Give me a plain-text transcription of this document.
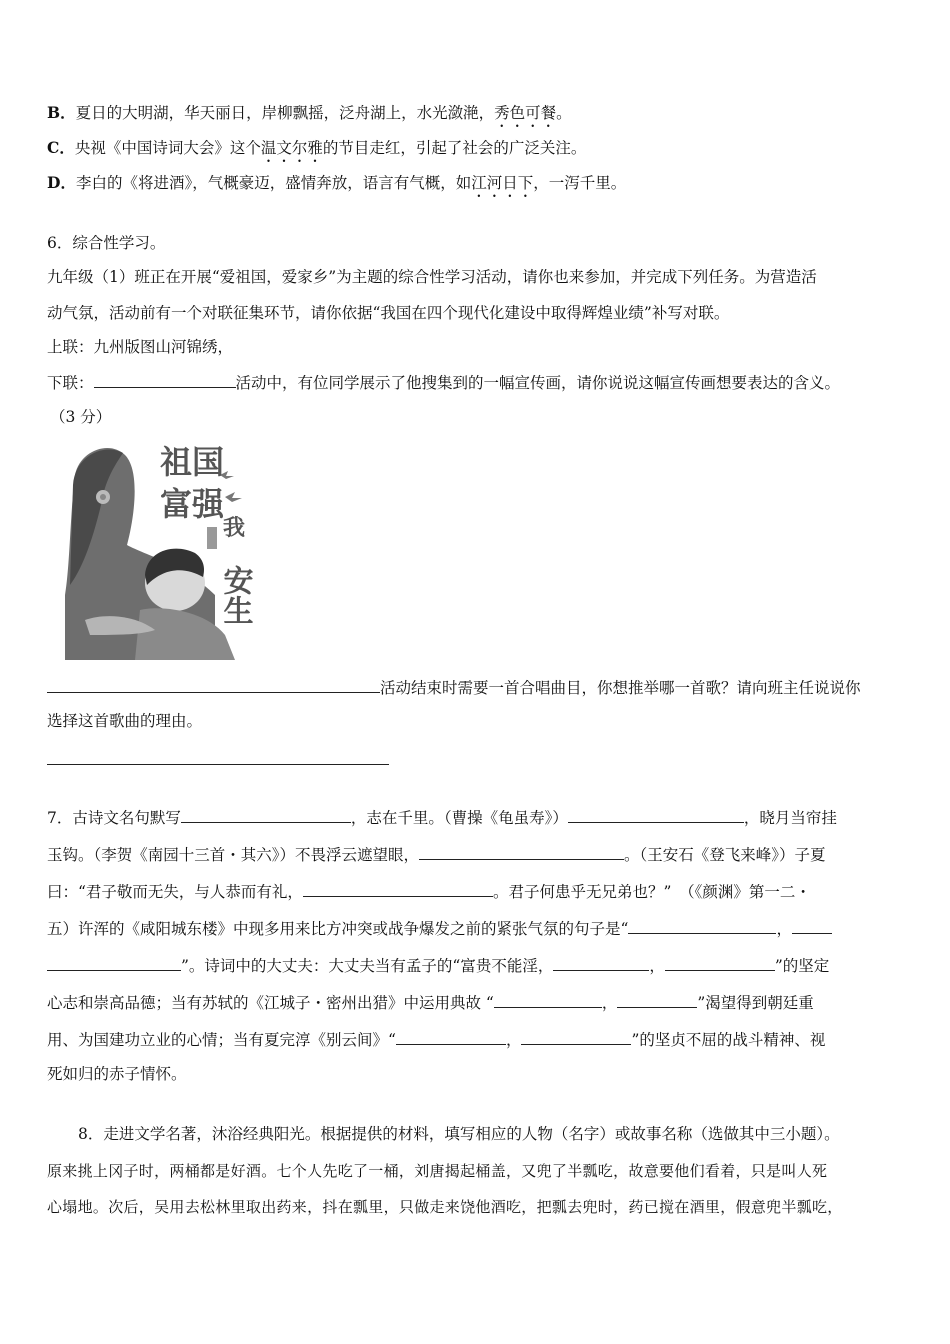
B．夏日的大明湖，华天丽日，岸柳飘摇，泛舟湖上，水光潋滟，秀色可餐。
C．央视《中国诗词大会》这个温文尔雅的节目走红，引起了社会的广泛关注。
D．李白的《将进酒》，气概豪迈，盛情奔放，语言有气概，如江河日下，一泻千里。
6．综合性学习。
九年级（1）班正在开展“爱祖国，爱家乡”为主题的综合性学习活动，请你也来参加，并完成下列任务。为营造活
动气氛，活动前有一个对联征集环节，请你依据“我国在四个现代化建设中取得辉煌业绩”补写对联。
上联：九州版图山河锦绣，
下联：	活动中，有位同学展示了他搜集到的一幅宣传画，请你说说这幅宣传画想要表达的含义。
（3 分）
祖国
富强
我
安生
活动结束时需要一首合唱曲目，你想推举哪一首歌？请向班主任说说你
选择这首歌曲的理由。
7．古诗文名句默写	，志在千里。（曹操《龟虽寿》）	，晓月当帘挂
玉钩。（李贺《南园十三首・其六》）不畏浮云遮望眼，	。（王安石《登飞来峰》）子夏
曰：“君子敬而无失，与人恭而有礼，	。君子何患乎无兄弟也？”　（《颜渊》第一二・
五）许浑的《咸阳城东楼》中现多用来比方冲突或战争爆发之前的紧张气氛的句子是“	，
”。诗词中的大丈夫：大丈夫当有孟子的“富贵不能淫，	，	”的坚定
心志和崇高品德；当有苏轼的《江城子・密州出猎》中运用典故 “	，	”渴望得到朝廷重
用、为国建功立业的心情；当有夏完淳《别云间》“	，	”的坚贞不屈的战斗精神、视
死如归的赤子情怀。
8．走进文学名著，沐浴经典阳光。根据提供的材料，填写相应的人物（名字）或故事名称（选做其中三小题）。
原来挑上冈子时，两桶都是好酒。七个人先吃了一桶，刘唐揭起桶盖，又兜了半瓢吃，故意要他们看着，只是叫人死
心塌地。次后，吴用去松林里取出药来，抖在瓢里，只做走来饶他酒吃，把瓢去兜时，药已搅在酒里，假意兜半瓢吃，
